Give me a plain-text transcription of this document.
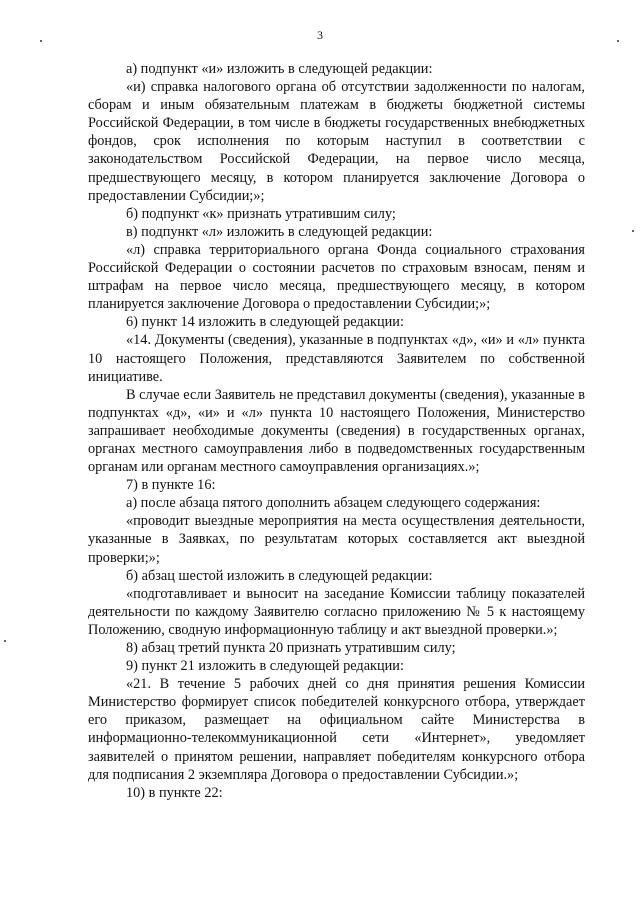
3

а) подпункт «и» изложить в следующей редакции:

«и) справка налогового органа об отсутствии задолженности по налогам, сборам и иным обязательным платежам в бюджеты бюджетной системы Российской Федерации, в том числе в бюджеты государственных внебюджетных фондов, срок исполнения по которым наступил в соответствии с законодательством Российской Федерации, на первое число месяца, предшествующего месяцу, в котором планируется заключение Договора о предоставлении Субсидии;»;

б) подпункт «к» признать утратившим силу;

в) подпункт «л» изложить в следующей редакции:

«л) справка территориального органа Фонда социального страхования Российской Федерации о состоянии расчетов по страховым взносам, пеням и штрафам на первое число месяца, предшествующего месяцу, в котором планируется заключение Договора о предоставлении Субсидии;»;

6) пункт 14 изложить в следующей редакции:

«14. Документы (сведения), указанные в подпунктах «д», «и» и «л» пункта 10 настоящего Положения, представляются Заявителем по собственной инициативе.

В случае если Заявитель не представил документы (сведения), указанные в подпунктах «д», «и» и «л» пункта 10 настоящего Положения, Министерство запрашивает необходимые документы (сведения) в государственных органах, органах местного самоуправления либо в подведомственных государственным органам или органам местного самоуправления организациях.»;

7) в пункте 16:

а) после абзаца пятого дополнить абзацем следующего содержания:

«проводит выездные мероприятия на места осуществления деятельности, указанные в Заявках, по результатам которых составляется акт выездной проверки;»;

б) абзац шестой изложить в следующей редакции:

«подготавливает и выносит на заседание Комиссии таблицу показателей деятельности по каждому Заявителю согласно приложению № 5 к настоящему Положению, сводную информационную таблицу и акт выездной проверки.»;

8) абзац третий пункта 20 признать утратившим силу;

9) пункт 21 изложить в следующей редакции:

«21. В течение 5 рабочих дней со дня принятия решения Комиссии Министерство формирует список победителей конкурсного отбора, утверждает его приказом, размещает на официальном сайте Министерства в информационно-телекоммуникационной сети «Интернет», уведомляет заявителей о принятом решении, направляет победителям конкурсного отбора для подписания 2 экземпляра Договора о предоставлении Субсидии.»;

10) в пункте 22:
